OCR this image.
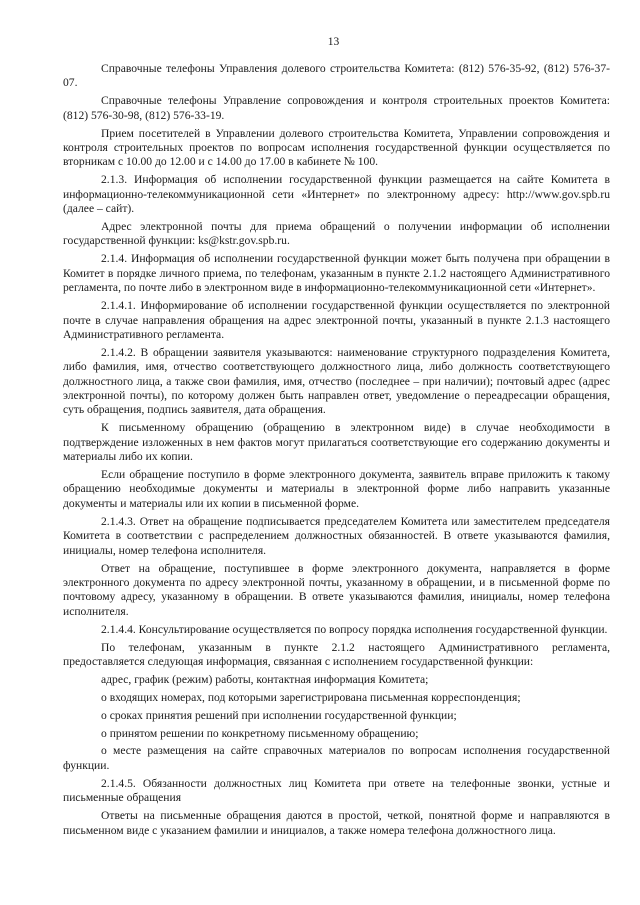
13

Справочные телефоны Управления долевого строительства Комитета: (812) 576-35-92, (812) 576-37-07.

Справочные телефоны Управление сопровождения и контроля строительных проектов Комитета: (812) 576-30-98, (812) 576-33-19.

Прием посетителей в Управлении долевого строительства Комитета, Управлении сопровождения и контроля строительных проектов по вопросам исполнения государственной функции осуществляется по вторникам с 10.00 до 12.00 и с 14.00 до 17.00 в кабинете № 100.

2.1.3. Информация об исполнении государственной функции размещается на сайте Комитета в информационно-телекоммуникационной сети «Интернет» по электронному адресу: http://www.gov.spb.ru (далее – сайт).

Адрес электронной почты для приема обращений о получении информации об исполнении государственной функции: ks@kstr.gov.spb.ru.

2.1.4. Информация об исполнении государственной функции может быть получена при обращении в Комитет в порядке личного приема, по телефонам, указанным в пункте 2.1.2 настоящего Административного регламента, по почте либо в электронном виде в информационно-телекоммуникационной сети «Интернет».

2.1.4.1. Информирование об исполнении государственной функции осуществляется по электронной почте в случае направления обращения на адрес электронной почты, указанный в пункте 2.1.3 настоящего Административного регламента.

2.1.4.2. В обращении заявителя указываются: наименование структурного подразделения Комитета, либо фамилия, имя, отчество соответствующего должностного лица, либо должность соответствующего должностного лица, а также свои фамилия, имя, отчество (последнее – при наличии); почтовый адрес (адрес электронной почты), по которому должен быть направлен ответ, уведомление о переадресации обращения, суть обращения, подпись заявителя, дата обращения.

К письменному обращению (обращению в электронном виде) в случае необходимости в подтверждение изложенных в нем фактов могут прилагаться соответствующие его содержанию документы и материалы либо их копии.

Если обращение поступило в форме электронного документа, заявитель вправе приложить к такому обращению необходимые документы и материалы в электронной форме либо направить указанные документы и материалы или их копии в письменной форме.

2.1.4.3. Ответ на обращение подписывается председателем Комитета или заместителем председателя Комитета в соответствии с распределением должностных обязанностей. В ответе указываются фамилия, инициалы, номер телефона исполнителя.

Ответ на обращение, поступившее в форме электронного документа, направляется в форме электронного документа по адресу электронной почты, указанному в обращении, и в письменной форме по почтовому адресу, указанному в обращении. В ответе указываются фамилия, инициалы, номер телефона исполнителя.

2.1.4.4. Консультирование осуществляется по вопросу порядка исполнения государственной функции.

По телефонам, указанным в пункте 2.1.2 настоящего Административного регламента, предоставляется следующая информация, связанная с исполнением государственной функции:

адрес, график (режим) работы, контактная информация Комитета;

о входящих номерах, под которыми зарегистрирована письменная корреспонденция;

о сроках принятия решений при исполнении государственной функции;

о принятом решении по конкретному письменному обращению;

о месте размещения на сайте справочных материалов по вопросам исполнения государственной функции.

2.1.4.5. Обязанности должностных лиц Комитета при ответе на телефонные звонки, устные и письменные обращения

Ответы на письменные обращения даются в простой, четкой, понятной форме и направляются в письменном виде с указанием фамилии и инициалов, а также номера телефона должностного лица.
